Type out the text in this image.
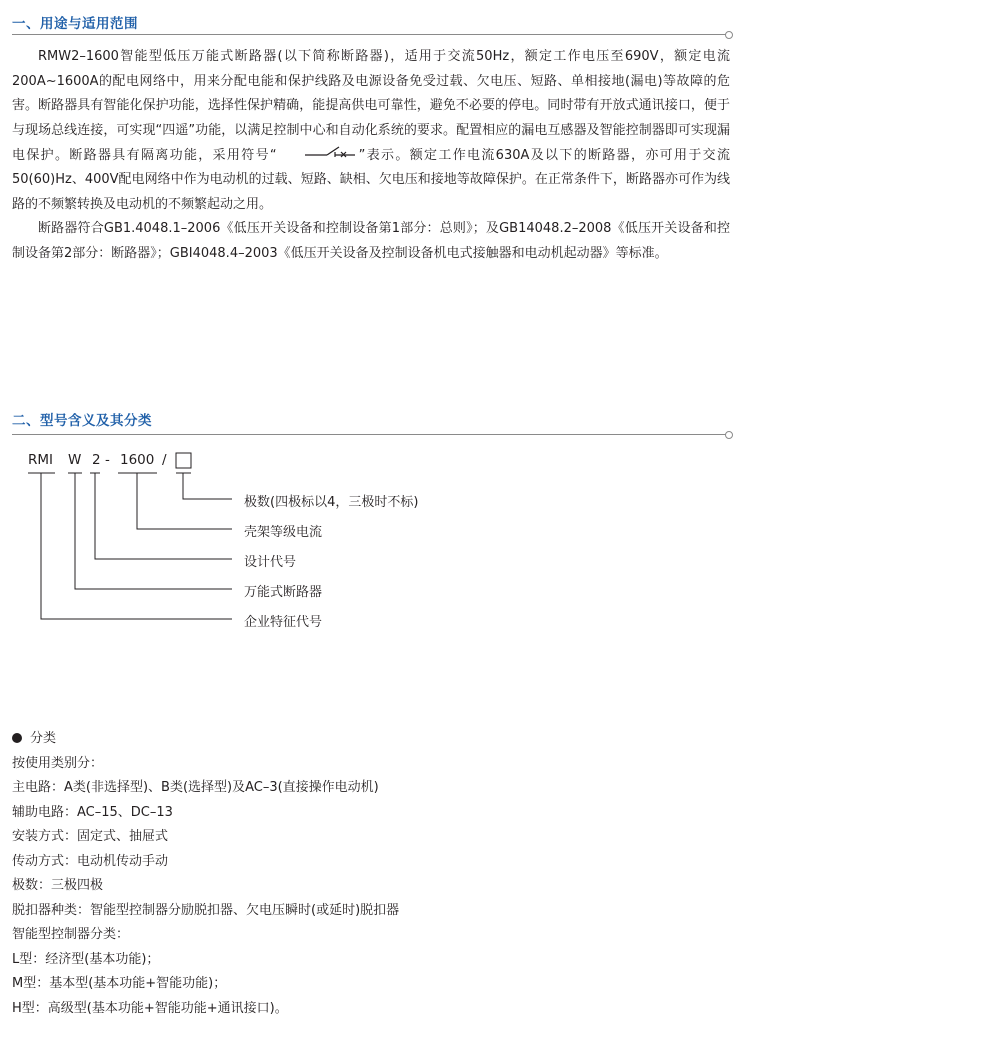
一、用途与适用范围

RMW2–1600智能型低压万能式断路器(以下简称断路器)，适用于交流50Hz，额定工作电压至690V，额定电流200A~1600A的配电网络中，用来分配电能和保护线路及电源设备免受过载、欠电压、短路、单相接地(漏电)等故障的危害。断路器具有智能化保护功能，选择性保护精确，能提高供电可靠性，避免不必要的停电。同时带有开放式通讯接口，便于与现场总线连接，可实现“四遥”功能，以满足控制中心和自动化系统的要求。配置相应的漏电互感器及智能控制器即可实现漏电保护。断路器具有隔离功能，采用符号“	”表示。额定工作电流630A及以下的断路器，亦可用于交流50(60)Hz、400V配电网络中作为电动机的过载、短路、缺相、欠电压和接地等故障保护。在正常条件下，断路器亦可作为线路的不频繁转换及电动机的不频繁起动之用。

断路器符合GB1.4048.1–2006《低压开关设备和控制设备第1部分：总则》；及GB14048.2–2008《低压开关设备和控制设备第2部分：断路器》；GBI4048.4–2003《低压开关设备及控制设备机电式接触器和电动机起动器》等标准。

二、型号含义及其分类
RMI W 2 - 1600 /
极数(四极标以4，三极时不标)
壳架等级电流
设计代号
万能式断路器
企业特征代号
分类
按使用类别分：
主电路：A类(非选择型)、B类(选择型)及AC–3(直接操作电动机)
辅助电路：AC–15、DC–13
安装方式：固定式、抽屉式
传动方式：电动机传动手动
极数：三极四极
脱扣器种类：智能型控制器分励脱扣器、欠电压瞬时(或延时)脱扣器
智能型控制器分类：
L型：经济型(基本功能)；
M型：基本型(基本功能+智能功能)；
H型：高级型(基本功能+智能功能+通讯接口)。
